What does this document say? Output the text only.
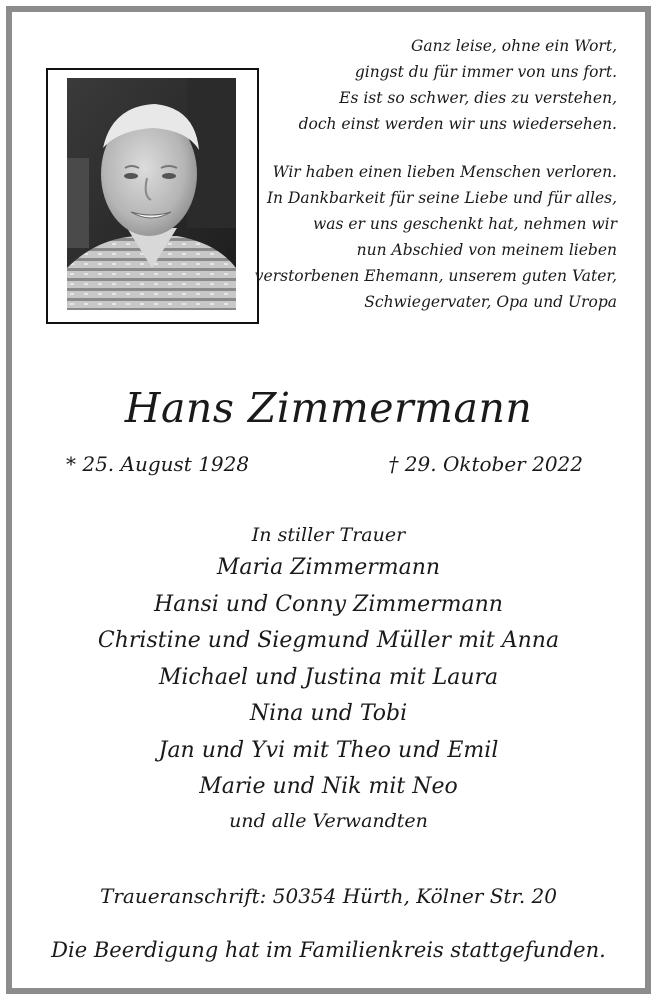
Ganz leise, ohne ein Wort,
gingst du für immer von uns fort.
Es ist so schwer, dies zu verstehen,
doch einst werden wir uns wiedersehen.

Wir haben einen lieben Menschen verloren.
In Dankbarkeit für seine Liebe und für alles,
was er uns geschenkt hat, nehmen wir
nun Abschied von meinem lieben
verstorbenen Ehemann, unserem guten Vater,
Schwiegervater, Opa und Uropa

Hans Zimmermann
* 25. August 1928	† 29. Oktober 2022
In stiller Trauer
Maria Zimmermann
Hansi und Conny Zimmermann
Christine und Siegmund Müller mit Anna
Michael und Justina mit Laura
Nina und Tobi
Jan und Yvi mit Theo und Emil
Marie und Nik mit Neo
und alle Verwandten
Traueranschrift: 50354 Hürth, Kölner Str. 20
Die Beerdigung hat im Familienkreis stattgefunden.
